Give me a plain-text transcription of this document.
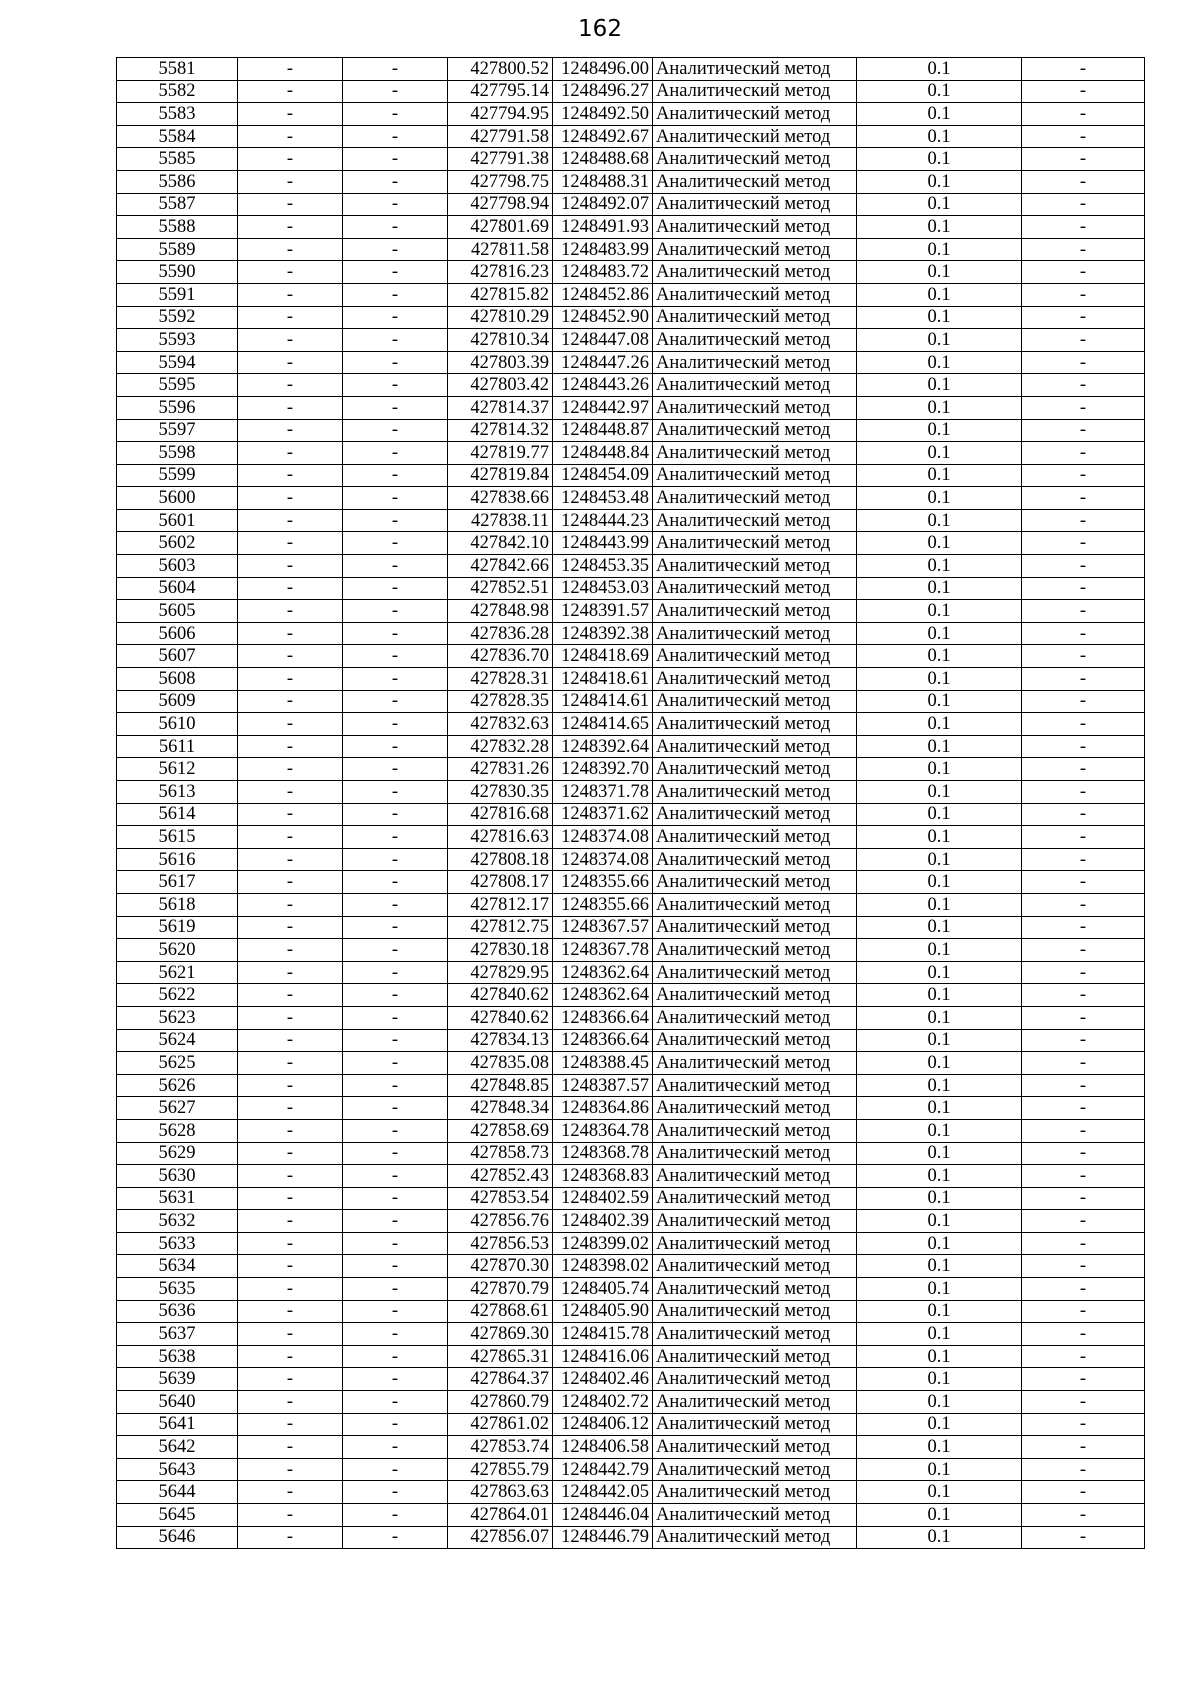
162
5581	-	-	427800.52	1248496.00	Аналитический метод	0.1	-
5582	-	-	427795.14	1248496.27	Аналитический метод	0.1	-
5583	-	-	427794.95	1248492.50	Аналитический метод	0.1	-
5584	-	-	427791.58	1248492.67	Аналитический метод	0.1	-
5585	-	-	427791.38	1248488.68	Аналитический метод	0.1	-
5586	-	-	427798.75	1248488.31	Аналитический метод	0.1	-
5587	-	-	427798.94	1248492.07	Аналитический метод	0.1	-
5588	-	-	427801.69	1248491.93	Аналитический метод	0.1	-
5589	-	-	427811.58	1248483.99	Аналитический метод	0.1	-
5590	-	-	427816.23	1248483.72	Аналитический метод	0.1	-
5591	-	-	427815.82	1248452.86	Аналитический метод	0.1	-
5592	-	-	427810.29	1248452.90	Аналитический метод	0.1	-
5593	-	-	427810.34	1248447.08	Аналитический метод	0.1	-
5594	-	-	427803.39	1248447.26	Аналитический метод	0.1	-
5595	-	-	427803.42	1248443.26	Аналитический метод	0.1	-
5596	-	-	427814.37	1248442.97	Аналитический метод	0.1	-
5597	-	-	427814.32	1248448.87	Аналитический метод	0.1	-
5598	-	-	427819.77	1248448.84	Аналитический метод	0.1	-
5599	-	-	427819.84	1248454.09	Аналитический метод	0.1	-
5600	-	-	427838.66	1248453.48	Аналитический метод	0.1	-
5601	-	-	427838.11	1248444.23	Аналитический метод	0.1	-
5602	-	-	427842.10	1248443.99	Аналитический метод	0.1	-
5603	-	-	427842.66	1248453.35	Аналитический метод	0.1	-
5604	-	-	427852.51	1248453.03	Аналитический метод	0.1	-
5605	-	-	427848.98	1248391.57	Аналитический метод	0.1	-
5606	-	-	427836.28	1248392.38	Аналитический метод	0.1	-
5607	-	-	427836.70	1248418.69	Аналитический метод	0.1	-
5608	-	-	427828.31	1248418.61	Аналитический метод	0.1	-
5609	-	-	427828.35	1248414.61	Аналитический метод	0.1	-
5610	-	-	427832.63	1248414.65	Аналитический метод	0.1	-
5611	-	-	427832.28	1248392.64	Аналитический метод	0.1	-
5612	-	-	427831.26	1248392.70	Аналитический метод	0.1	-
5613	-	-	427830.35	1248371.78	Аналитический метод	0.1	-
5614	-	-	427816.68	1248371.62	Аналитический метод	0.1	-
5615	-	-	427816.63	1248374.08	Аналитический метод	0.1	-
5616	-	-	427808.18	1248374.08	Аналитический метод	0.1	-
5617	-	-	427808.17	1248355.66	Аналитический метод	0.1	-
5618	-	-	427812.17	1248355.66	Аналитический метод	0.1	-
5619	-	-	427812.75	1248367.57	Аналитический метод	0.1	-
5620	-	-	427830.18	1248367.78	Аналитический метод	0.1	-
5621	-	-	427829.95	1248362.64	Аналитический метод	0.1	-
5622	-	-	427840.62	1248362.64	Аналитический метод	0.1	-
5623	-	-	427840.62	1248366.64	Аналитический метод	0.1	-
5624	-	-	427834.13	1248366.64	Аналитический метод	0.1	-
5625	-	-	427835.08	1248388.45	Аналитический метод	0.1	-
5626	-	-	427848.85	1248387.57	Аналитический метод	0.1	-
5627	-	-	427848.34	1248364.86	Аналитический метод	0.1	-
5628	-	-	427858.69	1248364.78	Аналитический метод	0.1	-
5629	-	-	427858.73	1248368.78	Аналитический метод	0.1	-
5630	-	-	427852.43	1248368.83	Аналитический метод	0.1	-
5631	-	-	427853.54	1248402.59	Аналитический метод	0.1	-
5632	-	-	427856.76	1248402.39	Аналитический метод	0.1	-
5633	-	-	427856.53	1248399.02	Аналитический метод	0.1	-
5634	-	-	427870.30	1248398.02	Аналитический метод	0.1	-
5635	-	-	427870.79	1248405.74	Аналитический метод	0.1	-
5636	-	-	427868.61	1248405.90	Аналитический метод	0.1	-
5637	-	-	427869.30	1248415.78	Аналитический метод	0.1	-
5638	-	-	427865.31	1248416.06	Аналитический метод	0.1	-
5639	-	-	427864.37	1248402.46	Аналитический метод	0.1	-
5640	-	-	427860.79	1248402.72	Аналитический метод	0.1	-
5641	-	-	427861.02	1248406.12	Аналитический метод	0.1	-
5642	-	-	427853.74	1248406.58	Аналитический метод	0.1	-
5643	-	-	427855.79	1248442.79	Аналитический метод	0.1	-
5644	-	-	427863.63	1248442.05	Аналитический метод	0.1	-
5645	-	-	427864.01	1248446.04	Аналитический метод	0.1	-
5646	-	-	427856.07	1248446.79	Аналитический метод	0.1	-
